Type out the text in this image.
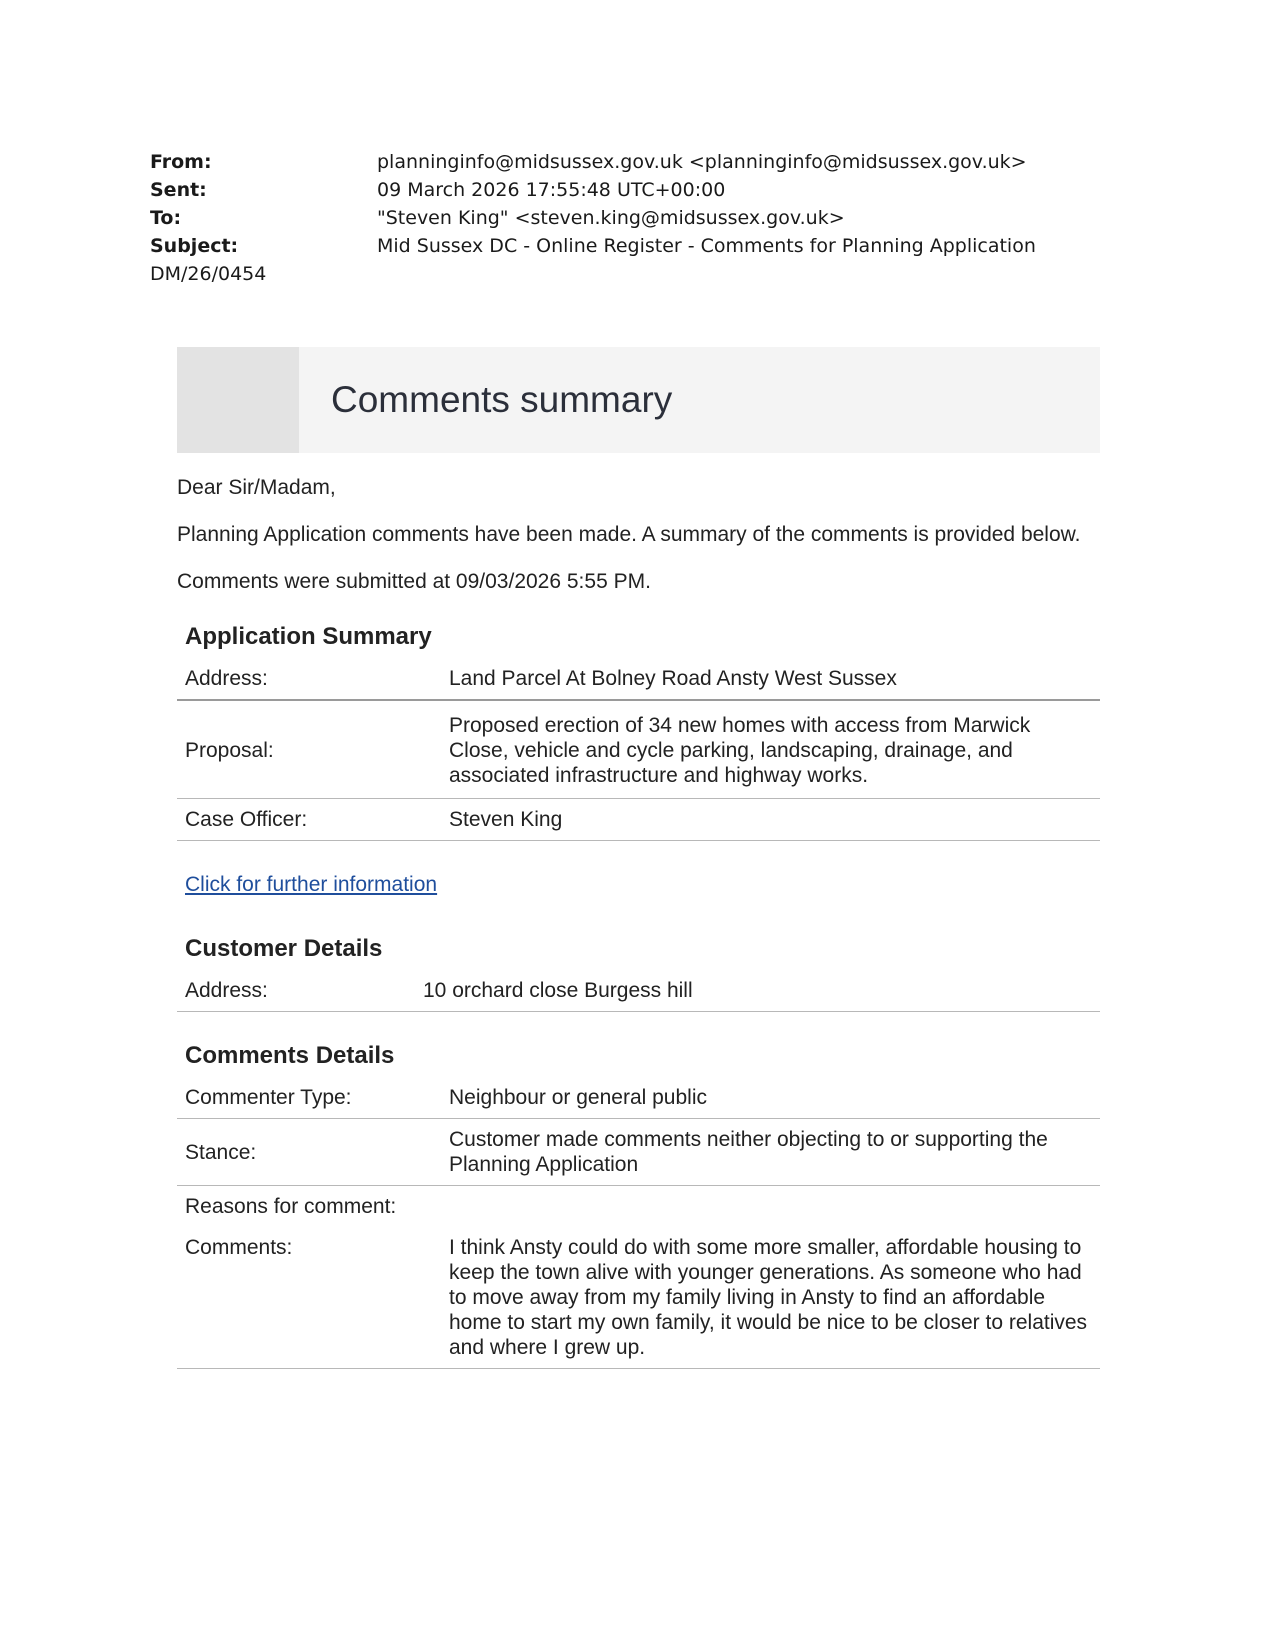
From:	planninginfo@midsussex.gov.uk <planninginfo@midsussex.gov.uk>
Sent:	09 March 2026 17:55:48 UTC+00:00
To:	"Steven King" <steven.king@midsussex.gov.uk>
Subject:	Mid Sussex DC - Online Register - Comments for Planning Application
DM/26/0454
Comments summary

Dear Sir/Madam,

Planning Application comments have been made. A summary of the comments is provided below.

Comments were submitted at 09/03/2026 5:55 PM.

Application Summary
Address:	Land Parcel At Bolney Road Ansty West Sussex
Proposal:	Proposed erection of 34 new homes with access from Marwick Close, vehicle and cycle parking, landscaping, drainage, and associated infrastructure and highway works.
Case Officer:	Steven King
Click for further information
Customer Details
Address:	10 orchard close Burgess hill
Comments Details
Commenter Type:	Neighbour or general public
Stance:	Customer made comments neither objecting to or supporting the Planning Application
Reasons for comment:	
Comments:	I think Ansty could do with some more smaller, affordable housing to keep the town alive with younger generations. As someone who had to move away from my family living in Ansty to find an affordable home to start my own family, it would be nice to be closer to relatives and where I grew up.
